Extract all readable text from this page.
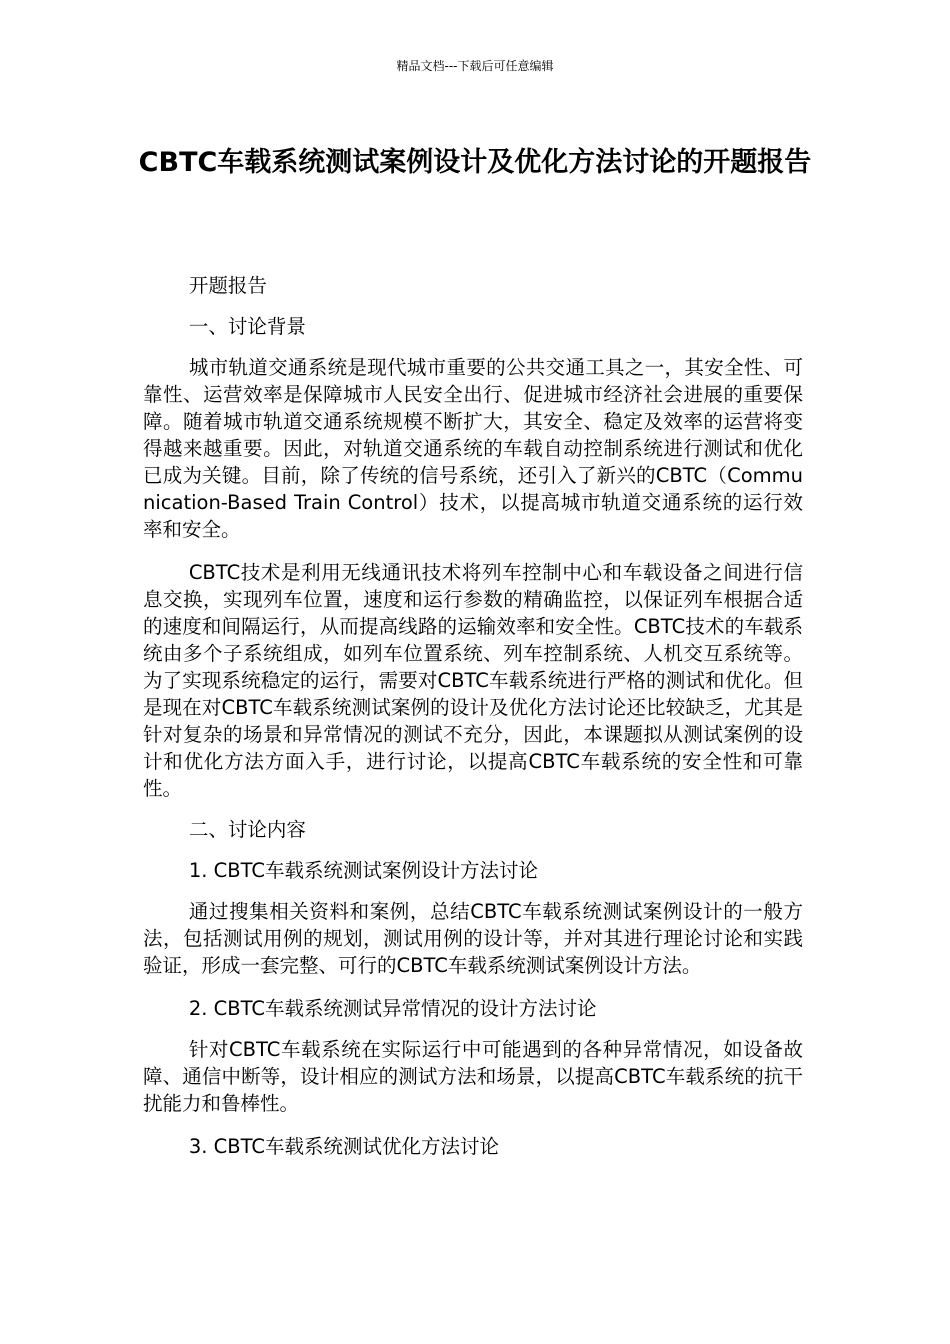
精品文档---下载后可任意编辑
CBTC车载系统测试案例设计及优化方法讨论的开题报告

开题报告

一、讨论背景

城市轨道交通系统是现代城市重要的公共交通工具之一，其安全性、可靠性、运营效率是保障城市人民安全出行、促进城市经济社会进展的重要保障。随着城市轨道交通系统规模不断扩大，其安全、稳定及效率的运营将变得越来越重要。因此，对轨道交通系统的车载自动控制系统进行测试和优化已成为关键。目前，除了传统的信号系统，还引入了新兴的CBTC（Communication-Based Train Control）技术，以提高城市轨道交通系统的运行效率和安全。

CBTC技术是利用无线通讯技术将列车控制中心和车载设备之间进行信息交换，实现列车位置，速度和运行参数的精确监控，以保证列车根据合适的速度和间隔运行，从而提高线路的运输效率和安全性。CBTC技术的车载系统由多个子系统组成，如列车位置系统、列车控制系统、人机交互系统等。为了实现系统稳定的运行，需要对CBTC车载系统进行严格的测试和优化。但是现在对CBTC车载系统测试案例的设计及优化方法讨论还比较缺乏，尤其是针对复杂的场景和异常情况的测试不充分，因此，本课题拟从测试案例的设计和优化方法方面入手，进行讨论，以提高CBTC车载系统的安全性和可靠性。

二、讨论内容

1. CBTC车载系统测试案例设计方法讨论

通过搜集相关资料和案例，总结CBTC车载系统测试案例设计的一般方法，包括测试用例的规划，测试用例的设计等，并对其进行理论讨论和实践验证，形成一套完整、可行的CBTC车载系统测试案例设计方法。

2. CBTC车载系统测试异常情况的设计方法讨论

针对CBTC车载系统在实际运行中可能遇到的各种异常情况，如设备故障、通信中断等，设计相应的测试方法和场景，以提高CBTC车载系统的抗干扰能力和鲁棒性。

3. CBTC车载系统测试优化方法讨论
